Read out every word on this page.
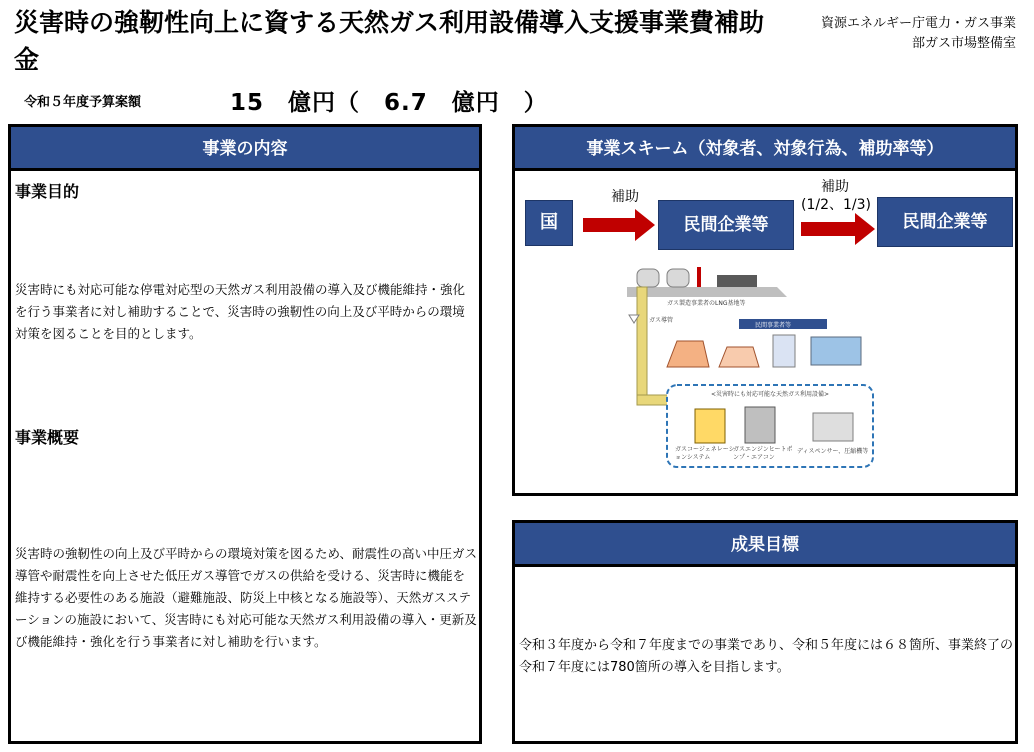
災害時の強靭性向上に資する天然ガス利用設備導入支援事業費補助金
資源エネルギー庁電力・ガス事業
部ガス市場整備室
令和５年度予算案額	15　億円（　6.7　億円　）
事業の内容
事業目的
災害時にも対応可能な停電対応型の天然ガス利用設備の導入及び機能維持・強化を行う事業者に対し補助することで、災害時の強靭性の向上及び平時からの環境対策を図ることを目的とします。
事業概要
災害時の強靭性の向上及び平時からの環境対策を図るため、耐震性の高い中圧ガス導管や耐震性を向上させた低圧ガス導管でガスの供給を受ける、災害時に機能を維持する必要性のある施設（避難施設、防災上中核となる施設等）、天然ガスステーションの施設において、災害時にも対応可能な天然ガス利用設備の導入・更新及び機能維持・強化を行う事業者に対し補助を行います。
事業スキーム（対象者、対象行為、補助率等）
国
補助
民間企業等
補助
(1/2、1/3)
民間企業等
ガス製造事業者のLNG基地等
ガス導管
民間事業者等
<災害時にも対応可能な天然ガス利用設備>
ガスコージェネレーションシステム
ガスエンジンヒートポンプ・エアコン
ディスペンサー、圧縮機等
成果目標
令和３年度から令和７年度までの事業であり、令和５年度には６８箇所、事業終了の令和７年度には780箇所の導入を目指します。
